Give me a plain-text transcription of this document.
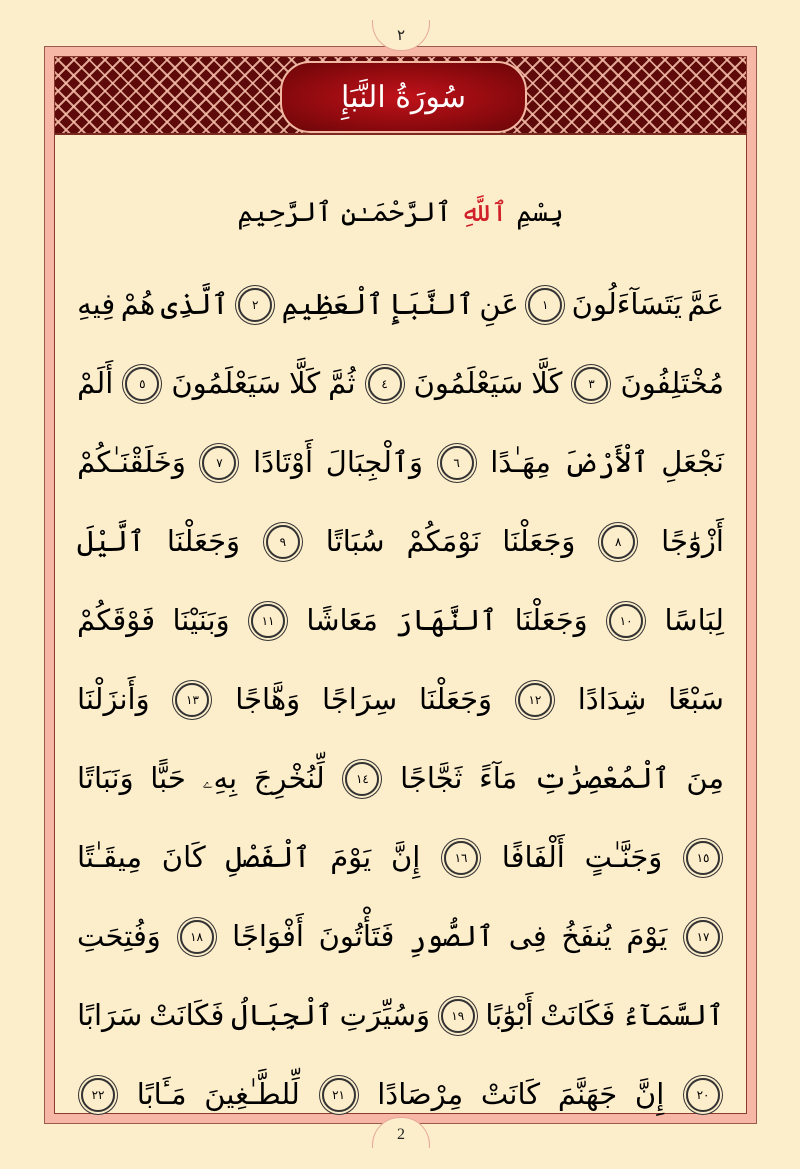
٢
سُورَةُ النَّبَإِ
بِسْمِ ٱللَّهِ ٱلرَّحْمَـٰنِ ٱلرَّحِيمِ
عَمَّ
يَتَسَآءَلُونَ
١
عَنِ
ٱلنَّبَإِ
ٱلْعَظِيمِ
٢
ٱلَّذِى
هُمْ
فِيهِ
مُخْتَلِفُونَ
٣
كَلَّا
سَيَعْلَمُونَ
٤
ثُمَّ
كَلَّا
سَيَعْلَمُونَ
٥
أَلَمْ
نَجْعَلِ
ٱلْأَرْضَ
مِهَـٰدًا
٦
وَٱلْجِبَالَ
أَوْتَادًا
٧
وَخَلَقْنَـٰكُمْ
أَزْوَٰجًا
٨
وَجَعَلْنَا
نَوْمَكُمْ
سُبَاتًا
٩
وَجَعَلْنَا
ٱلَّيْلَ
لِبَاسًا
١٠
وَجَعَلْنَا
ٱلنَّهَارَ
مَعَاشًا
١١
وَبَنَيْنَا
فَوْقَكُمْ
سَبْعًا
شِدَادًا
١٢
وَجَعَلْنَا
سِرَاجًا
وَهَّاجًا
١٣
وَأَنزَلْنَا
مِنَ
ٱلْمُعْصِرَٰتِ
مَآءً
ثَجَّاجًا
١٤
لِّنُخْرِجَ
بِهِۦ
حَبًّا
وَنَبَاتًا
١٥
وَجَنَّـٰتٍ
أَلْفَافًا
١٦
إِنَّ
يَوْمَ
ٱلْفَصْلِ
كَانَ
مِيقَـٰتًا
١٧
يَوْمَ
يُنفَخُ
فِى
ٱلصُّورِ
فَتَأْتُونَ
أَفْوَاجًا
١٨
وَفُتِحَتِ
ٱلسَّمَآءُ
فَكَانَتْ
أَبْوَٰبًا
١٩
وَسُيِّرَتِ
ٱلْجِبَالُ
فَكَانَتْ
سَرَابًا
٢٠
إِنَّ
جَهَنَّمَ
كَانَتْ
مِرْصَادًا
٢١
لِّلطَّـٰغِينَ
مَـَٔابًا
٢٢
2
